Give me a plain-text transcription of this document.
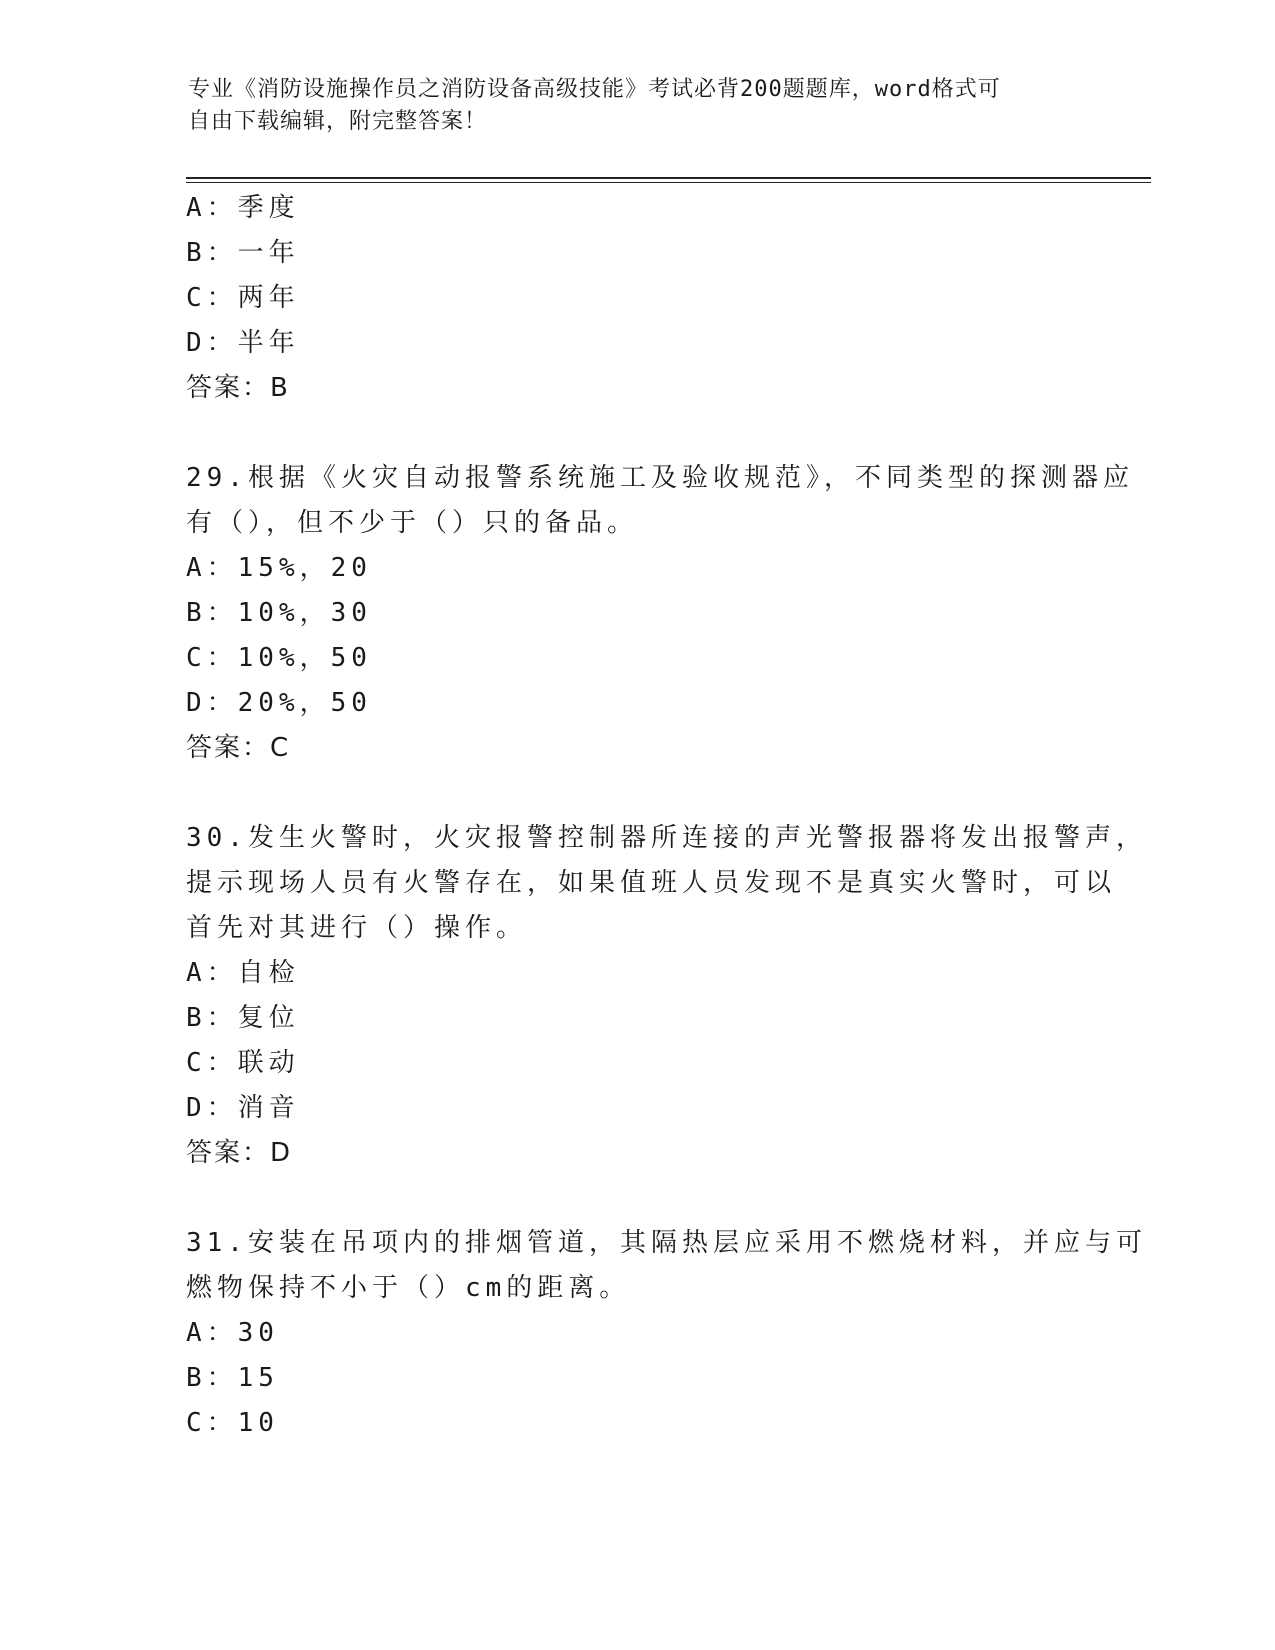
专业《消防设施操作员之消防设备高级技能》考试必背200题题库，word格式可
自由下载编辑，附完整答案！
A：季度
B：一年
C：两年
D：半年
答案：B
29.根据《火灾自动报警系统施工及验收规范》，不同类型的探测器应
有（），但不少于（）只的备品。
A：15%，20
B：10%，30
C：10%，50
D：20%，50
答案：C
30.发生火警时，火灾报警控制器所连接的声光警报器将发出报警声，
提示现场人员有火警存在，如果值班人员发现不是真实火警时，可以
首先对其进行（）操作。
A：自检
B：复位
C：联动
D：消音
答案：D
31.安装在吊项内的排烟管道，其隔热层应采用不燃烧材料，并应与可
燃物保持不小于（）cm的距离。
A：30
B：15
C：10
